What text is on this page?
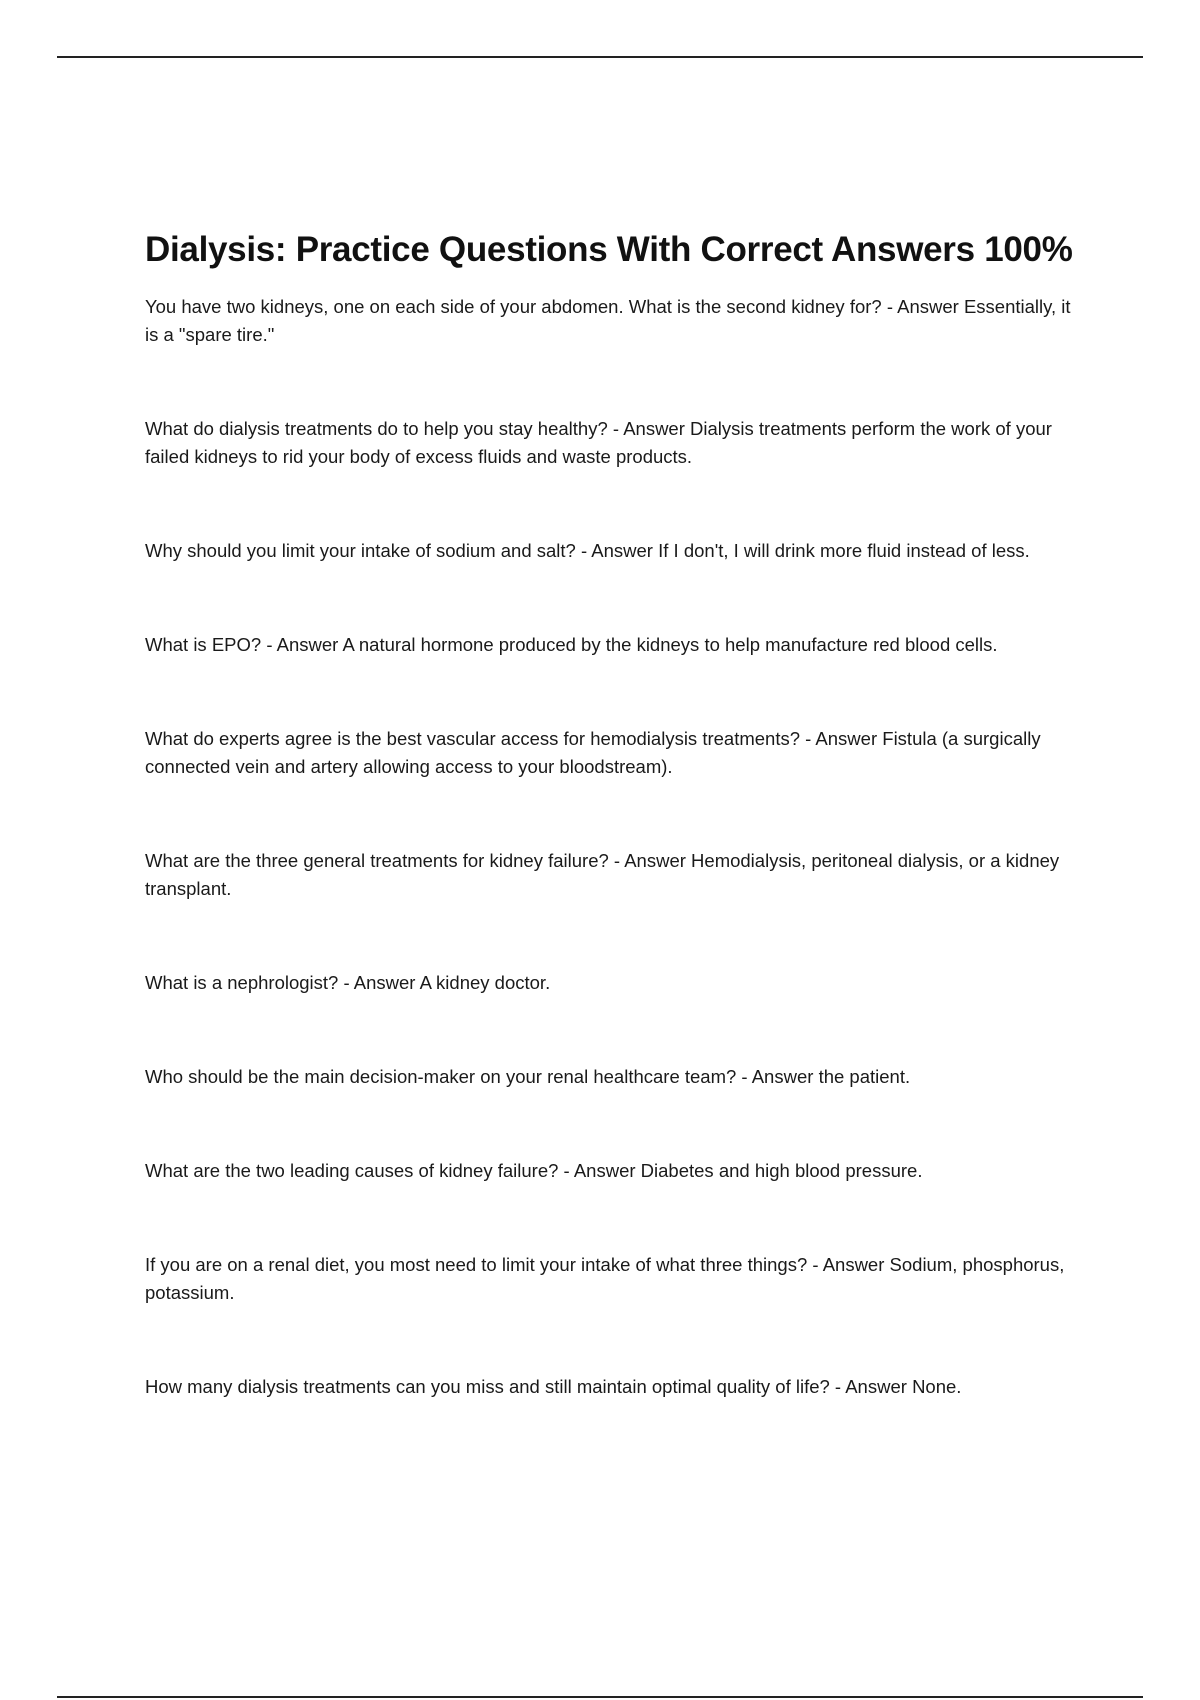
Dialysis: Practice Questions With Correct Answers 100%
You have two kidneys, one on each side of your abdomen. What is the second kidney for? - Answer Essentially, it is a "spare tire."
What do dialysis treatments do to help you stay healthy? - Answer Dialysis treatments perform the work of your failed kidneys to rid your body of excess fluids and waste products.
Why should you limit your intake of sodium and salt? - Answer If I don't, I will drink more fluid instead of less.
What is EPO? - Answer A natural hormone produced by the kidneys to help manufacture red blood cells.
What do experts agree is the best vascular access for hemodialysis treatments? - Answer Fistula (a surgically connected vein and artery allowing access to your bloodstream).
What are the three general treatments for kidney failure? - Answer Hemodialysis, peritoneal dialysis, or a kidney transplant.
What is a nephrologist? - Answer A kidney doctor.
Who should be the main decision-maker on your renal healthcare team? - Answer the patient.
What are the two leading causes of kidney failure? - Answer Diabetes and high blood pressure.
If you are on a renal diet, you most need to limit your intake of what three things? - Answer Sodium, phosphorus, potassium.
How many dialysis treatments can you miss and still maintain optimal quality of life? - Answer None.
